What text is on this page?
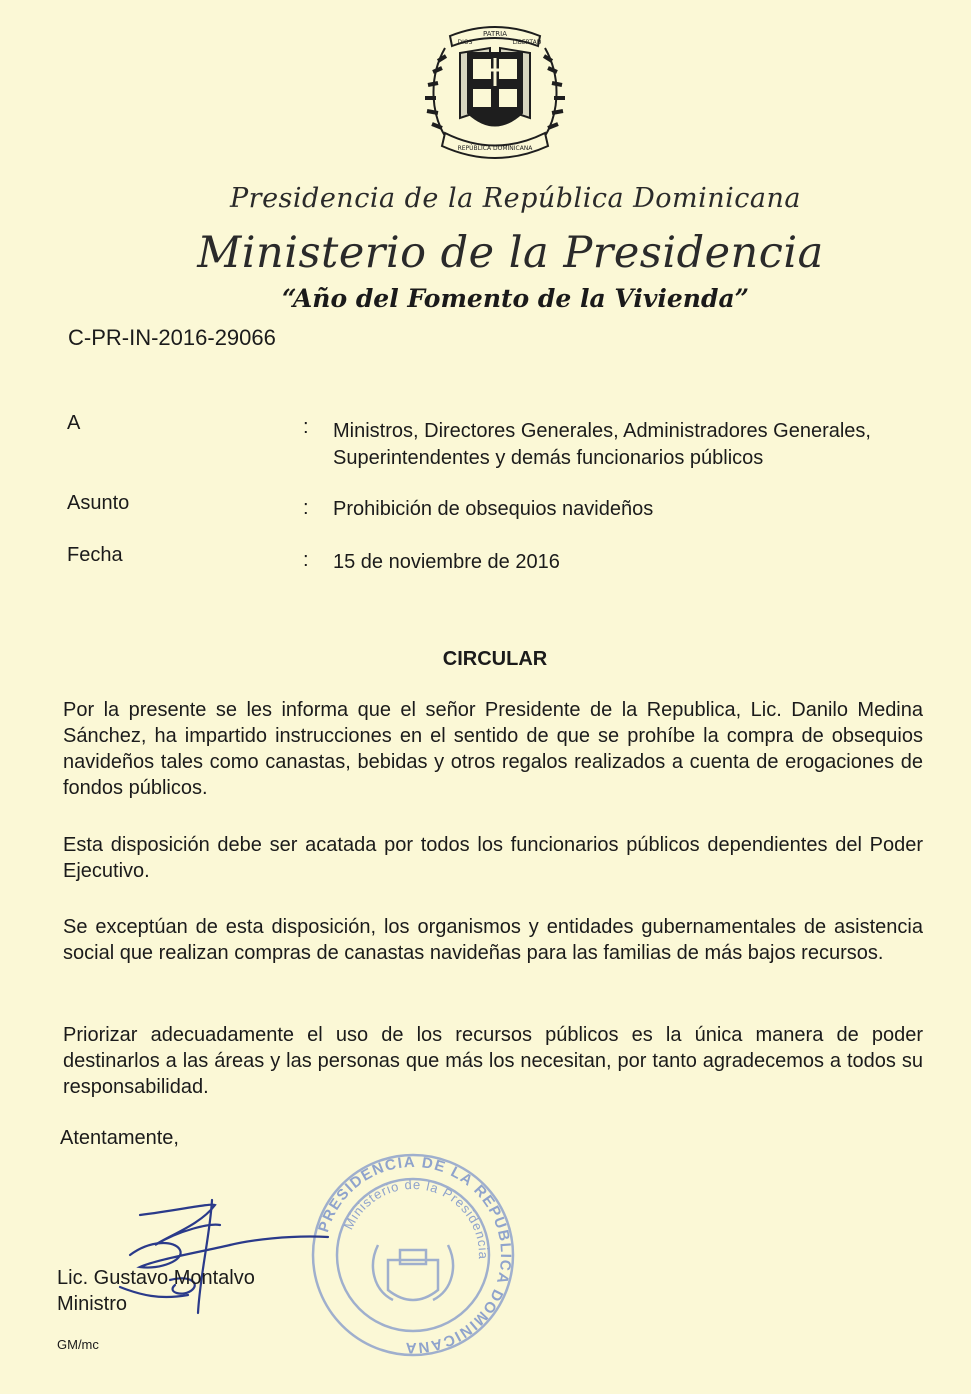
PATRIA
DIOS	LIBERTAD
REPÚBLICA DOMINICANA
Presidencia de la República Dominicana
Ministerio de la Presidencia
“Año del Fomento de la Vivienda”
C-PR-IN-2016-29066
A	: Ministros, Directores Generales, Administradores Generales,
Superintendentes y demás funcionarios públicos
Asunto	: Prohibición de obsequios navideños
Fecha	: 15 de noviembre de 2016
CIRCULAR
Por la presente se les informa que el señor Presidente de la Republica, Lic. Danilo Medina Sánchez, ha impartido instrucciones en el sentido de que se prohíbe la compra de obsequios navideños tales como canastas, bebidas y otros regalos realizados a cuenta de erogaciones de fondos públicos.
Esta disposición debe ser acatada por todos los funcionarios públicos dependientes del Poder Ejecutivo.
Se exceptúan de esta disposición, los organismos y entidades gubernamentales de asistencia social que realizan compras de canastas navideñas para las familias de más bajos recursos.
Priorizar adecuadamente el uso de los recursos públicos es la única manera de poder destinarlos a las áreas y las personas que más los necesitan, por tanto agradecemos a todos su responsabilidad.
Atentamente,
PRESIDENCIA DE LA REPUBLICA DOMINICANA
Ministerio de la Presidencia
Lic. Gustavo Montalvo
Ministro
GM/mc
